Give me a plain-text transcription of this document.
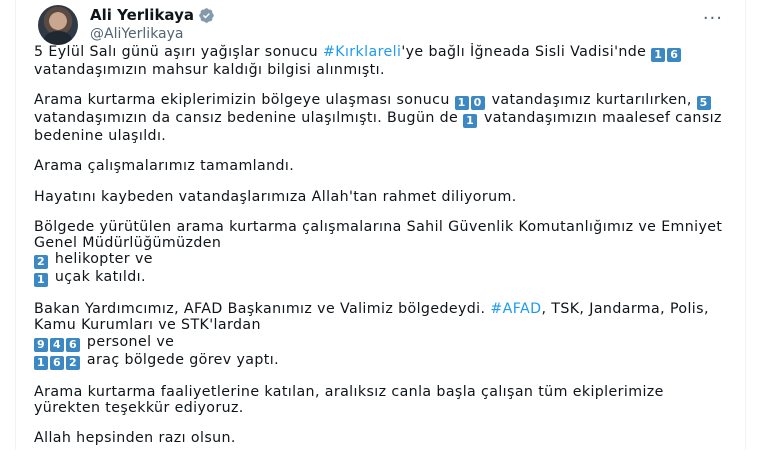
Ali Yerlikaya
@AliYerlikaya
···
5 Eylül Salı günü aşırı yağışlar sonucu #Kırklareli'ye bağlı İğneada Sisli Vadisi'nde 1 6 vatandaşımızın mahsur kaldığı bilgisi alınmıştı.
Arama kurtarma ekiplerimizin bölgeye ulaşması sonucu 1 0 vatandaşımız kurtarılırken, 5 vatandaşımızın da cansız bedenine ulaşılmıştı. Bugün de 1 vatandaşımızın maalesef cansız bedenine ulaşıldı.
Arama çalışmalarımız tamamlandı.
Hayatını kaybeden vatandaşlarımıza Allah'tan rahmet diliyorum.
Bölgede yürütülen arama kurtarma çalışmalarına Sahil Güvenlik Komutanlığımız ve Emniyet Genel Müdürlüğümüzden
2 helikopter ve
1 uçak katıldı.
Bakan Yardımcımız, AFAD Başkanımız ve Valimiz bölgedeydi. #AFAD, TSK, Jandarma, Polis, Kamu Kurumları ve STK'lardan
9 4 6 personel ve
1 6 2 araç bölgede görev yaptı.
Arama kurtarma faaliyetlerine katılan, aralıksız canla başla çalışan tüm ekiplerimize yürekten teşekkür ediyoruz.
Allah hepsinden razı olsun.
